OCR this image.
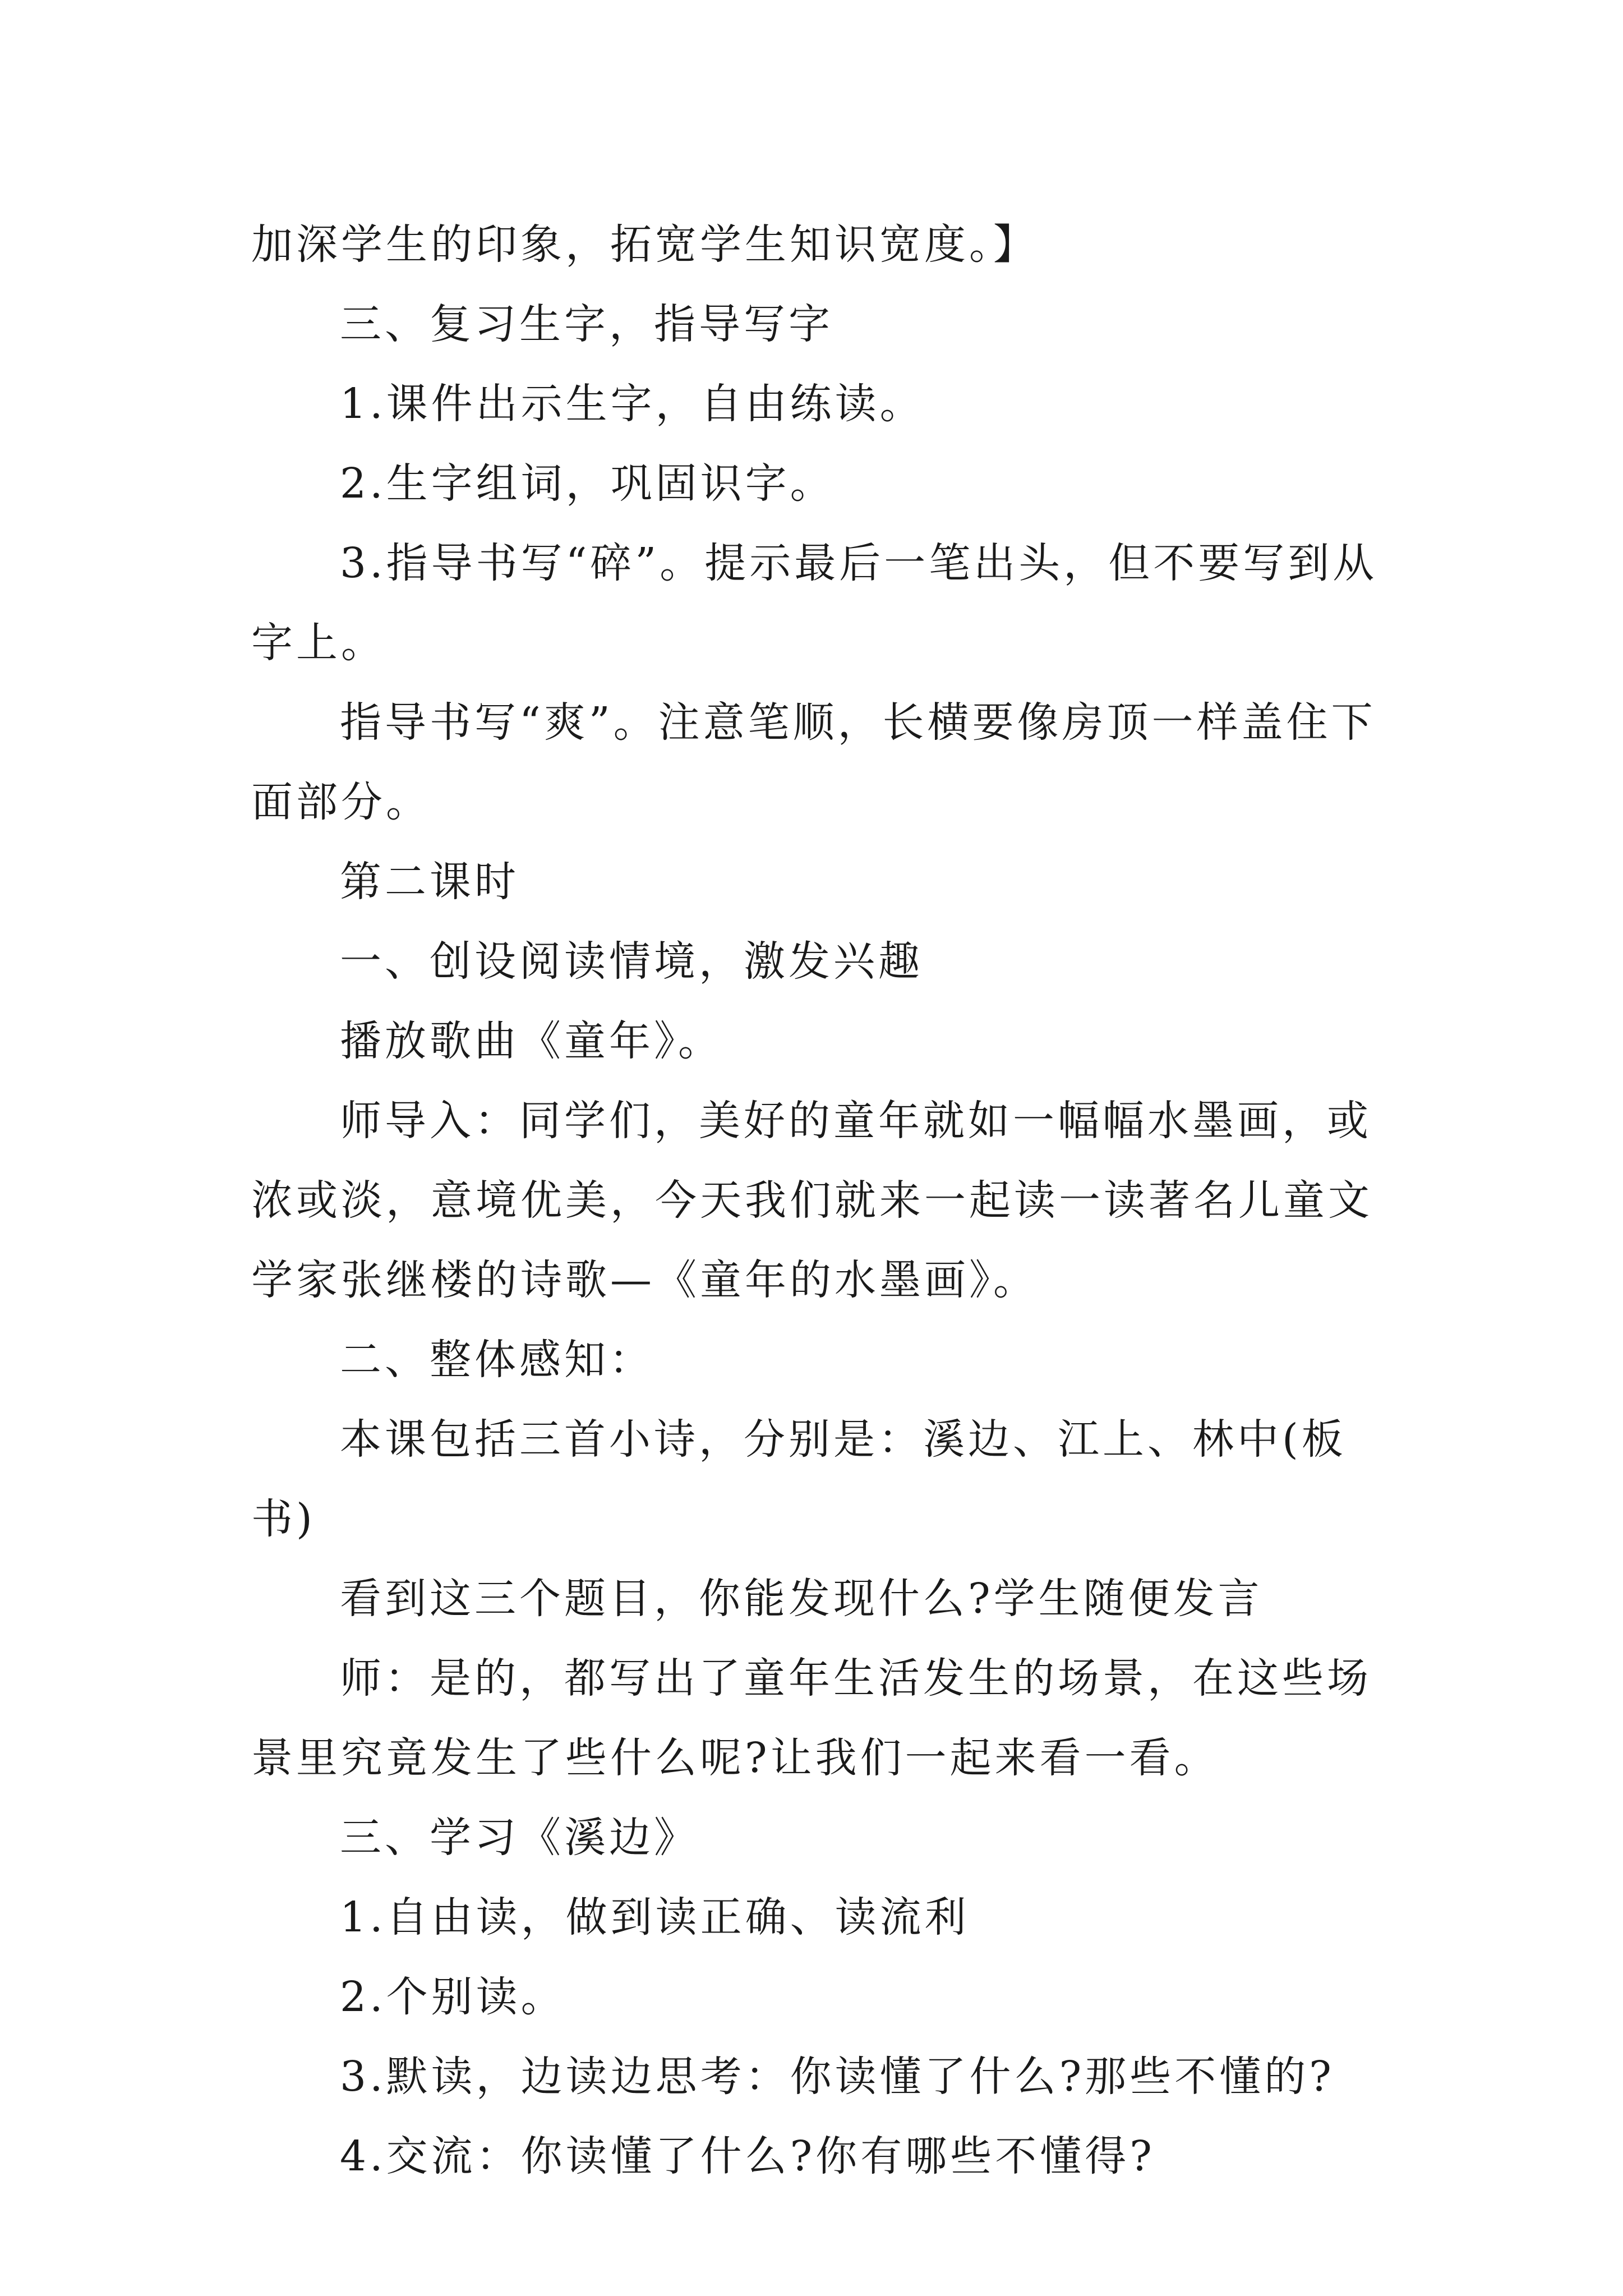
加深学生的印象，拓宽学生知识宽度。】

三、复习生字，指导写字

1.课件出示生字，自由练读。

2.生字组词，巩固识字。

3.指导书写“碎”。提示最后一笔出头，但不要写到从字上。

指导书写“爽”。注意笔顺，长横要像房顶一样盖住下面部分。

第二课时

一、创设阅读情境，激发兴趣

播放歌曲《童年》。

师导入：同学们，美好的童年就如一幅幅水墨画，或浓或淡，意境优美，今天我们就来一起读一读著名儿童文学家张继楼的诗歌—《童年的水墨画》。

二、整体感知：

本课包括三首小诗，分别是：溪边、江上、林中(板书)

看到这三个题目，你能发现什么?学生随便发言

师：是的，都写出了童年生活发生的场景，在这些场景里究竟发生了些什么呢?让我们一起来看一看。

三、学习《溪边》

1.自由读，做到读正确、读流利

2.个别读。

3.默读，边读边思考：你读懂了什么?那些不懂的?

4.交流：你读懂了什么?你有哪些不懂得?
